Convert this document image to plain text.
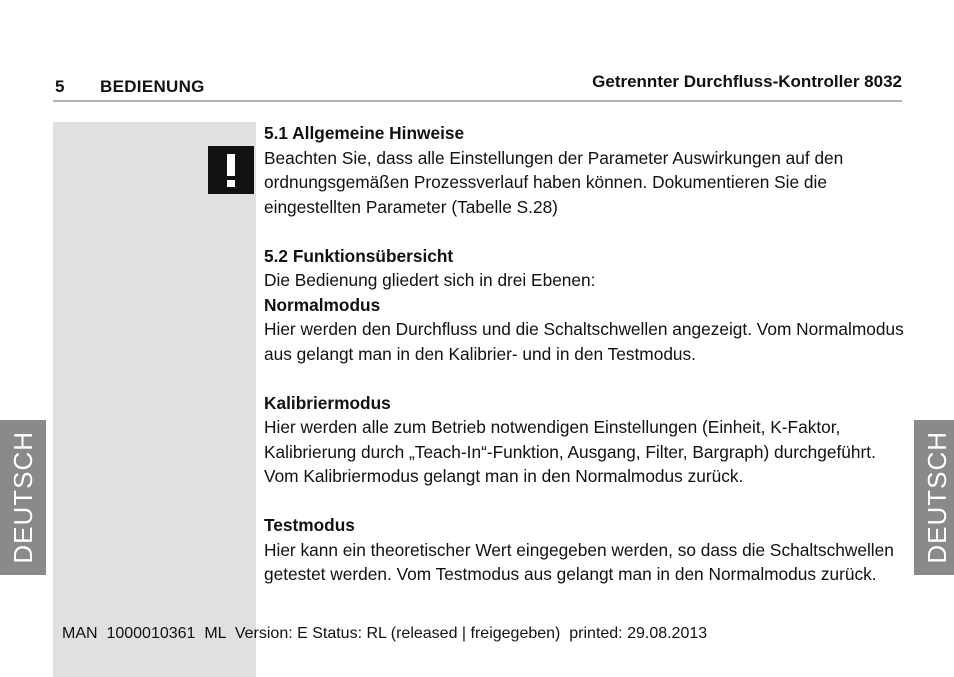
5 BEDIENUNG	Getrennter Durchfluss-Kontroller 8032
DEUTSCH	DEUTSCH

5.1 Allgemeine Hinweise

Beachten Sie, dass alle Einstellungen der Parameter Auswirkungen auf den ordnungsgemäßen Prozessverlauf haben können. Dokumentieren Sie die eingestellten Parameter (Tabelle S.28)

5.2 Funktionsübersicht

Die Bedienung gliedert sich in drei Ebenen:

Normalmodus

Hier werden den Durchfluss und die Schaltschwellen angezeigt. Vom Normalmodus aus gelangt man in den Kalibrier- und in den Testmodus.

Kalibriermodus

Hier werden alle zum Betrieb notwendigen Einstellungen (Einheit, K-Faktor, Kalibrierung durch „Teach-In“-Funktion, Ausgang, Filter, Bargraph) durchgeführt. Vom Kalibriermodus gelangt man in den Normalmodus zurück.

Testmodus

Hier kann ein theoretischer Wert eingegeben werden, so dass die Schaltschwellen getestet werden. Vom Testmodus aus gelangt man in den Normalmodus zurück.

MAN  1000010361  ML  Version: E Status: RL (released | freigegeben)  printed: 29.08.2013
